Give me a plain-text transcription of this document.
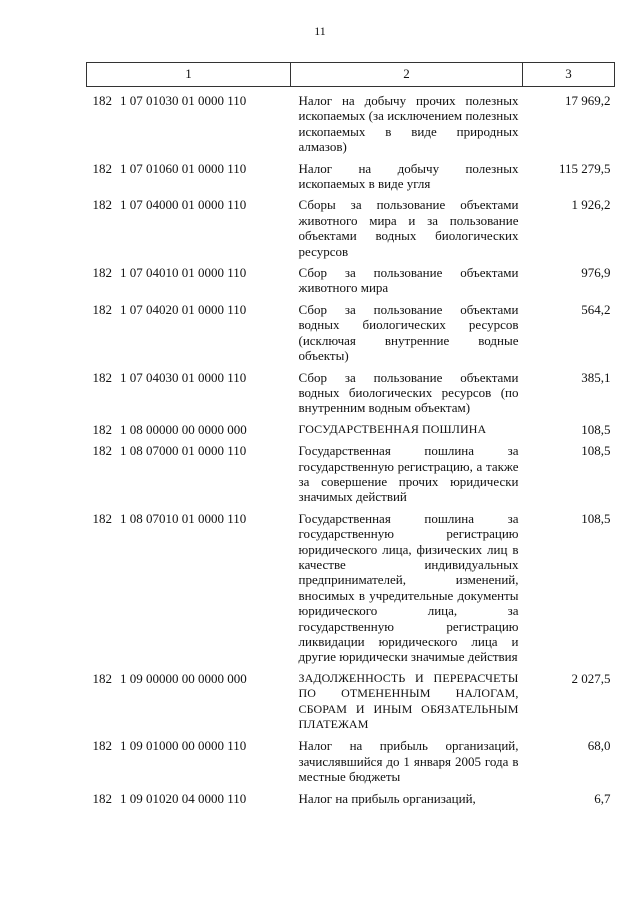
11
1	2	3
182 1 07 01030 01 0000 110	Налог на добычу прочих полезных ископаемых (за исключением полезных ископаемых в виде природных алмазов)	17 969,2
182 1 07 01060 01 0000 110	Налог на добычу полезных ископаемых в виде угля	115 279,5
182 1 07 04000 01 0000 110	Сборы за пользование объектами животного мира и за пользование объектами водных биологических ресурсов	1 926,2
182 1 07 04010 01 0000 110	Сбор за пользование объектами животного мира	976,9
182 1 07 04020 01 0000 110	Сбор за пользование объектами водных биологических ресурсов (исключая внутренние водные объекты)	564,2
182 1 07 04030 01 0000 110	Сбор за пользование объектами водных биологических ресурсов (по внутренним водным объектам)	385,1
182 1 08 00000 00 0000 000	ГОСУДАРСТВЕННАЯ ПОШЛИНА	108,5
182 1 08 07000 01 0000 110	Государственная пошлина за государственную регистрацию, а также за совершение прочих юридически значимых действий	108,5
182 1 08 07010 01 0000 110	Государственная пошлина за государственную регистрацию юридического лица, физических лиц в качестве индивидуальных предпринимателей, изменений, вносимых в учредительные документы юридического лица, за государственную регистрацию ликвидации юридического лица и другие юридически значимые действия	108,5
182 1 09 00000 00 0000 000	ЗАДОЛЖЕННОСТЬ И ПЕРЕРАСЧЕТЫ ПО ОТМЕНЕННЫМ НАЛОГАМ, СБОРАМ И ИНЫМ ОБЯЗАТЕЛЬНЫМ ПЛАТЕЖАМ	2 027,5
182 1 09 01000 00 0000 110	Налог на прибыль организаций, зачислявшийся до 1 января 2005 года в местные бюджеты	68,0
182 1 09 01020 04 0000 110	Налог на прибыль организаций,	6,7
